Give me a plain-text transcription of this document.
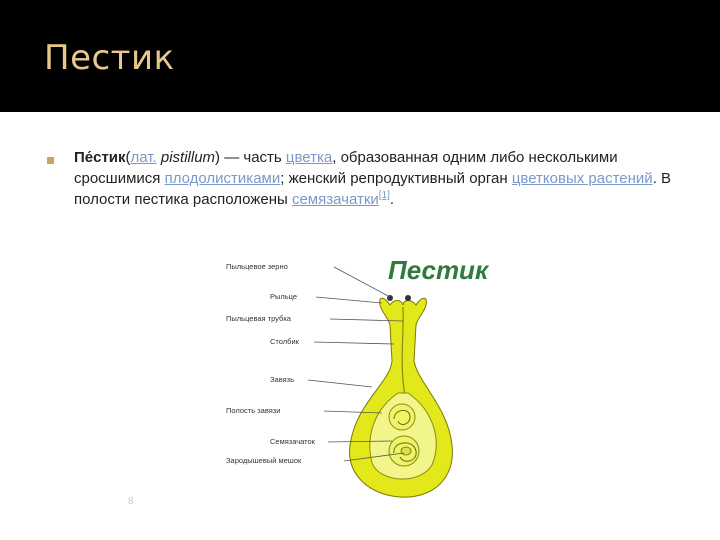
Пестик

Пе́стик(лат. pistillum) — часть цветка, образованная одним либо несколькими сросшимися плодолистиками; женский репродуктивный орган цветковых растений. В полости пестика расположены семязачатки[1].

Пестик
Пыльцевое зерно
Рыльце
Пыльцевая трубка
Столбик
Завязь
Полость завязи
Семязачаток
Зародышевый мешок
8
